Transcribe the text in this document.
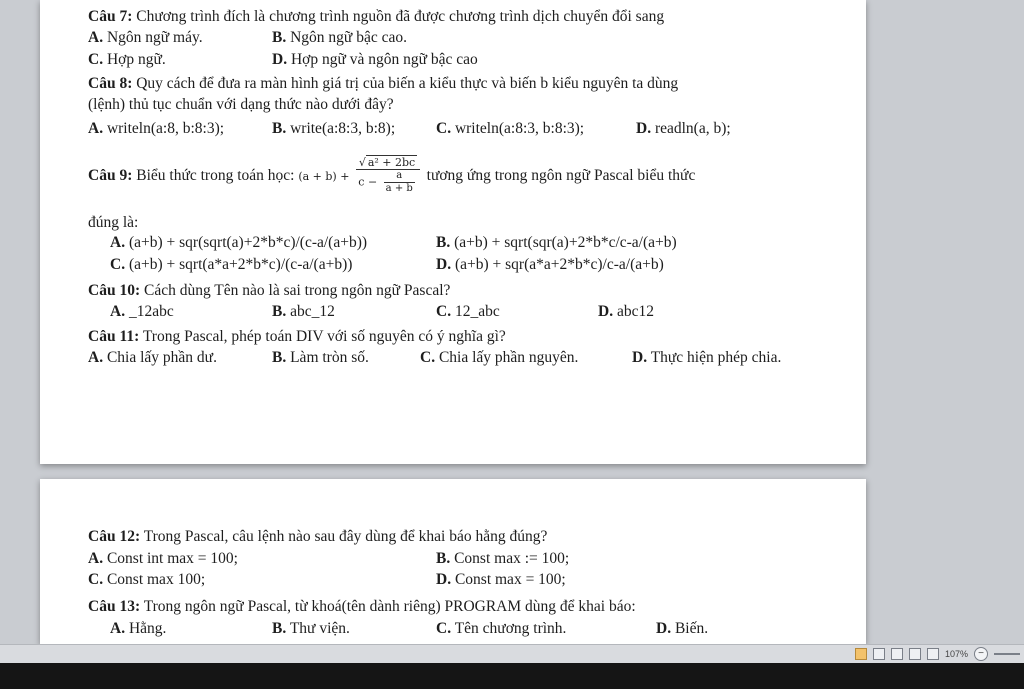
Câu 7: Chương trình đích là chương trình nguồn đã được chương trình dịch chuyển đổi sang
A. Ngôn ngữ máy.	B. Ngôn ngữ bậc cao.
C. Hợp ngữ.	D. Hợp ngữ và ngôn ngữ bậc cao
Câu 8: Quy cách để đưa ra màn hình giá trị của biến a kiểu thực và biến b kiểu nguyên ta dùng
(lệnh) thủ tục chuẩn với dạng thức nào dưới đây?
A. writeln(a:8, b:8:3);	B. write(a:8:3, b:8);	C. writeln(a:8:3, b:8:3);	D. readln(a, b);
Câu 9: Biểu thức trong toán học: $(a + b) + \frac{\text{√ a² + 2bc}}{c - \frac{a}{a + b}}$ tương ứng trong ngôn ngữ Pascal biểu thức
đúng là:
A. (a+b) + sqr(sqrt(a)+2*b*c)/(c-a/(a+b))	B. (a+b) + sqrt(sqr(a)+2*b*c/c-a/(a+b)
C. (a+b) + sqrt(a*a+2*b*c)/(c-a/(a+b))	D. (a+b) + sqr(a*a+2*b*c)/c-a/(a+b)
Câu 10: Cách dùng Tên nào là sai trong ngôn ngữ Pascal?
A. _12abc	B. abc_12	C. 12_abc	D. abc12
Câu 11: Trong Pascal, phép toán DIV với số nguyên có ý nghĩa gì?
A. Chia lấy phần dư.	B. Làm tròn số.	C. Chia lấy phần nguyên.	D. Thực hiện phép chia.
Câu 12: Trong Pascal, câu lệnh nào sau đây dùng để khai báo hằng đúng?
A. Const int max = 100;	B. Const max := 100;
C. Const max 100;	D. Const max = 100;
Câu 13: Trong ngôn ngữ Pascal, từ khoá(tên dành riêng) PROGRAM dùng để khai báo:
A. Hằng.	B. Thư viện.	C. Tên chương trình.	D. Biến.
107%	−
